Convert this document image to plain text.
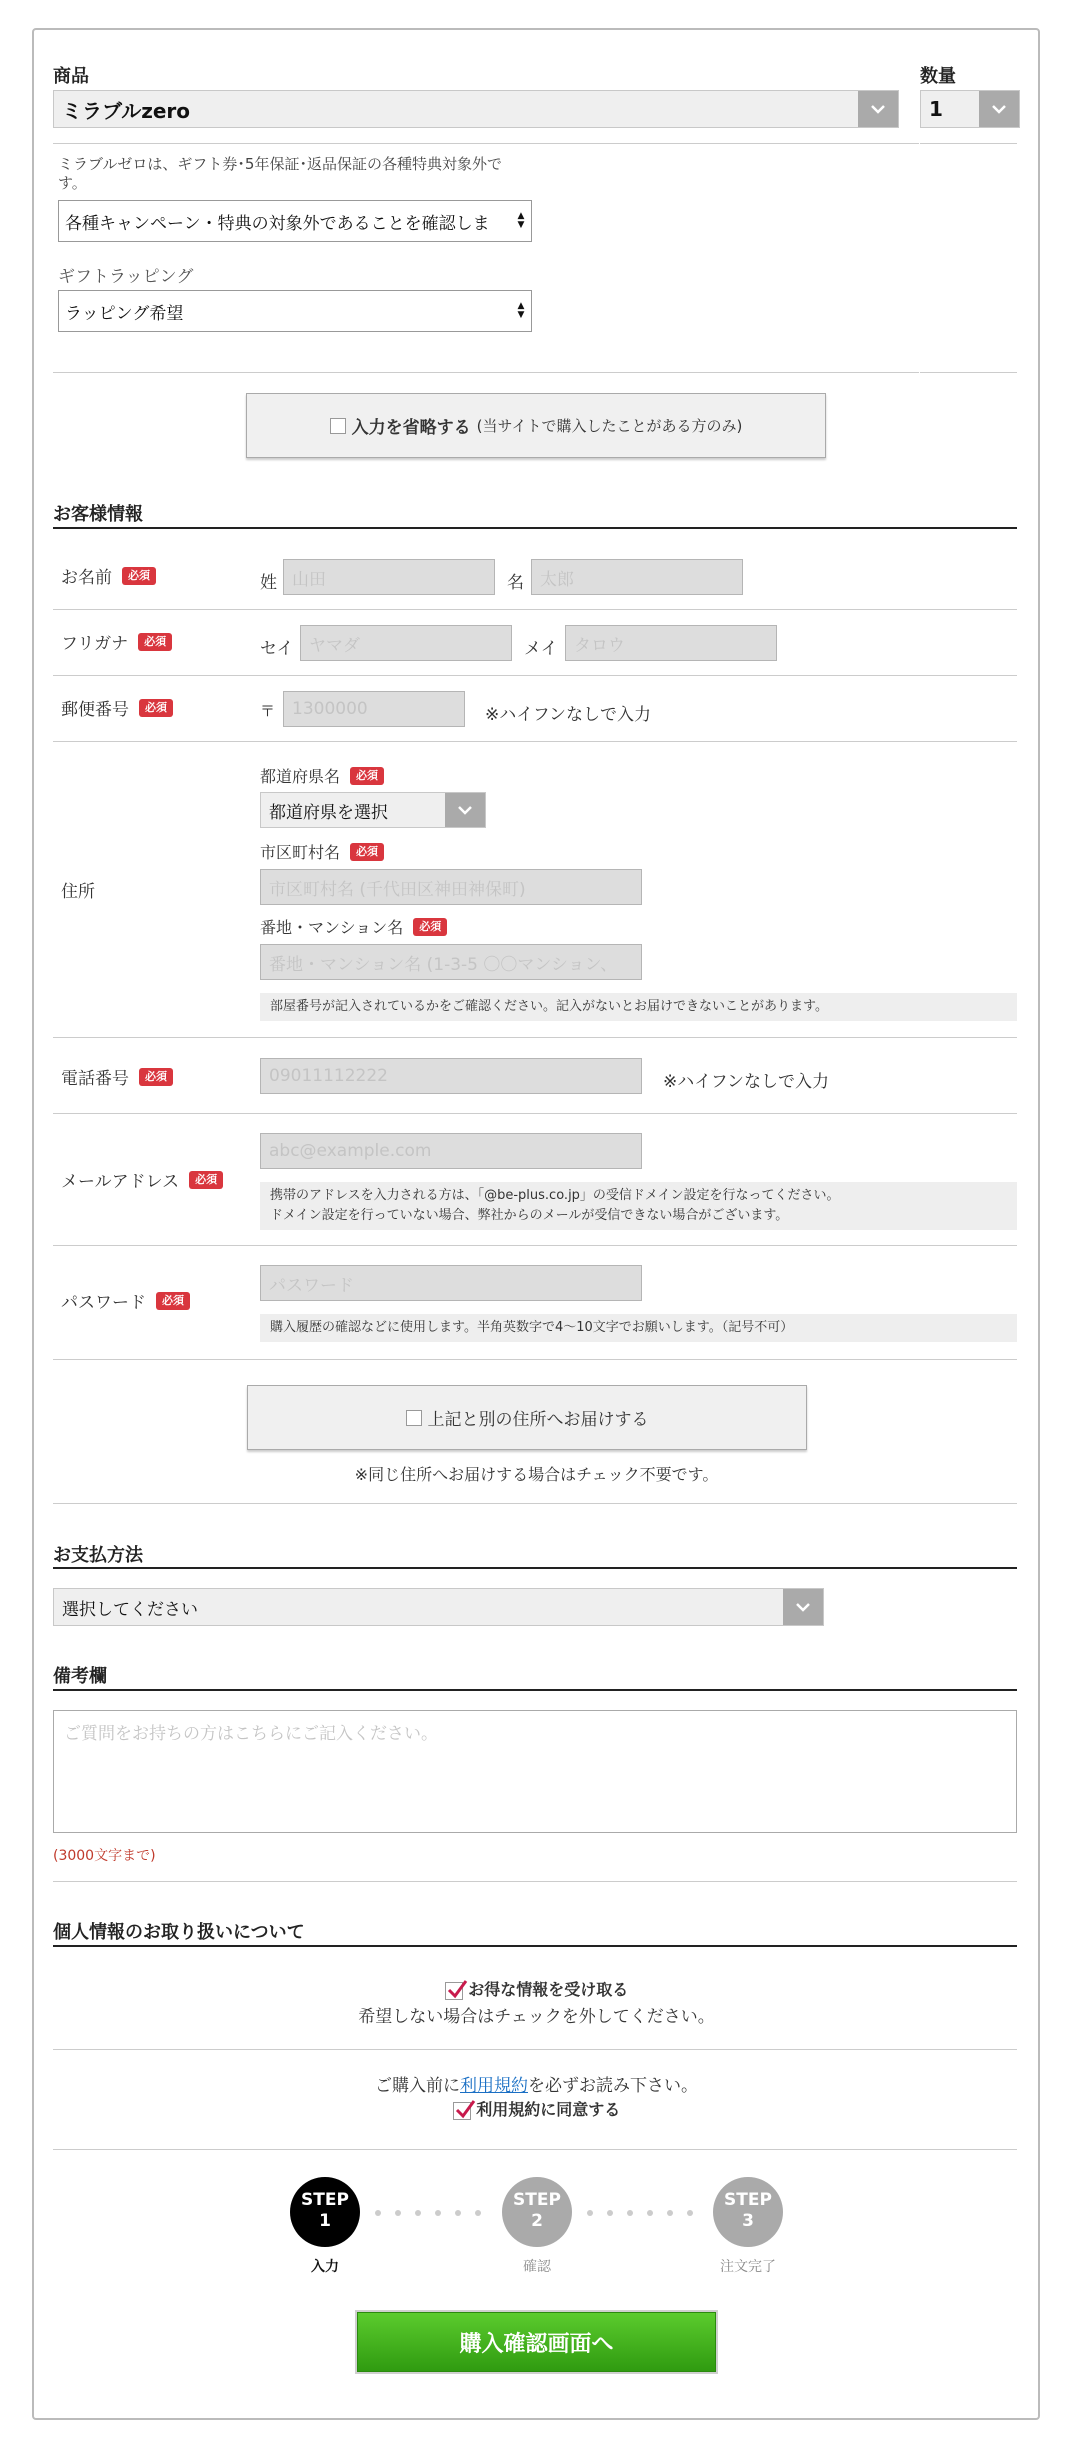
商品	数量
ミラブルzero	1
ミラブルゼロは、ギフト券･5年保証･返品保証の各種特典対象外です。
各種キャンペーン・特典の対象外であることを確認しま	▲
▼
ギフトラッピング
ラッピング希望	▲
▼
入力を省略する (当サイトで購入したことがある方のみ)
お客様情報
お名前	必須	姓 山田	名 太郎
フリガナ	必須	セイ ヤマダ	メイ タロウ
郵便番号	必須	〒 1300000	※ハイフンなしで入力
住所
都道府県名	必須
都道府県を選択
市区町村名	必須
市区町村名 (千代田区神田神保町)
番地・マンション名	必須
番地・マンション名 (1-3-5 〇〇マンション、
部屋番号が記入されているかをご確認ください。記入がないとお届けできないことがあります。
電話番号	必須	09011112222	※ハイフンなしで入力
メールアドレス	必須
abc@example.com
携帯のアドレスを入力される方は、「@be-plus.co.jp」の受信ドメイン設定を行なってください。
ドメイン設定を行っていない場合、弊社からのメールが受信できない場合がございます。
パスワード	必須
パスワード
購入履歴の確認などに使用します。半角英数字で4～10文字でお願いします。（記号不可）
上記と別の住所へお届けする
※同じ住所へお届けする場合はチェック不要です。
お支払方法
選択してください
備考欄
ご質問をお持ちの方はこちらにご記入ください。
(3000文字まで)
個人情報のお取り扱いについて
お得な情報を受け取る
希望しない場合はチェックを外してください。
ご購入前に利用規約を必ずお読み下さい。
利用規約に同意する
STEP
1
STEP
2
STEP
3
入力	確認	注文完了
購入確認画面へ
